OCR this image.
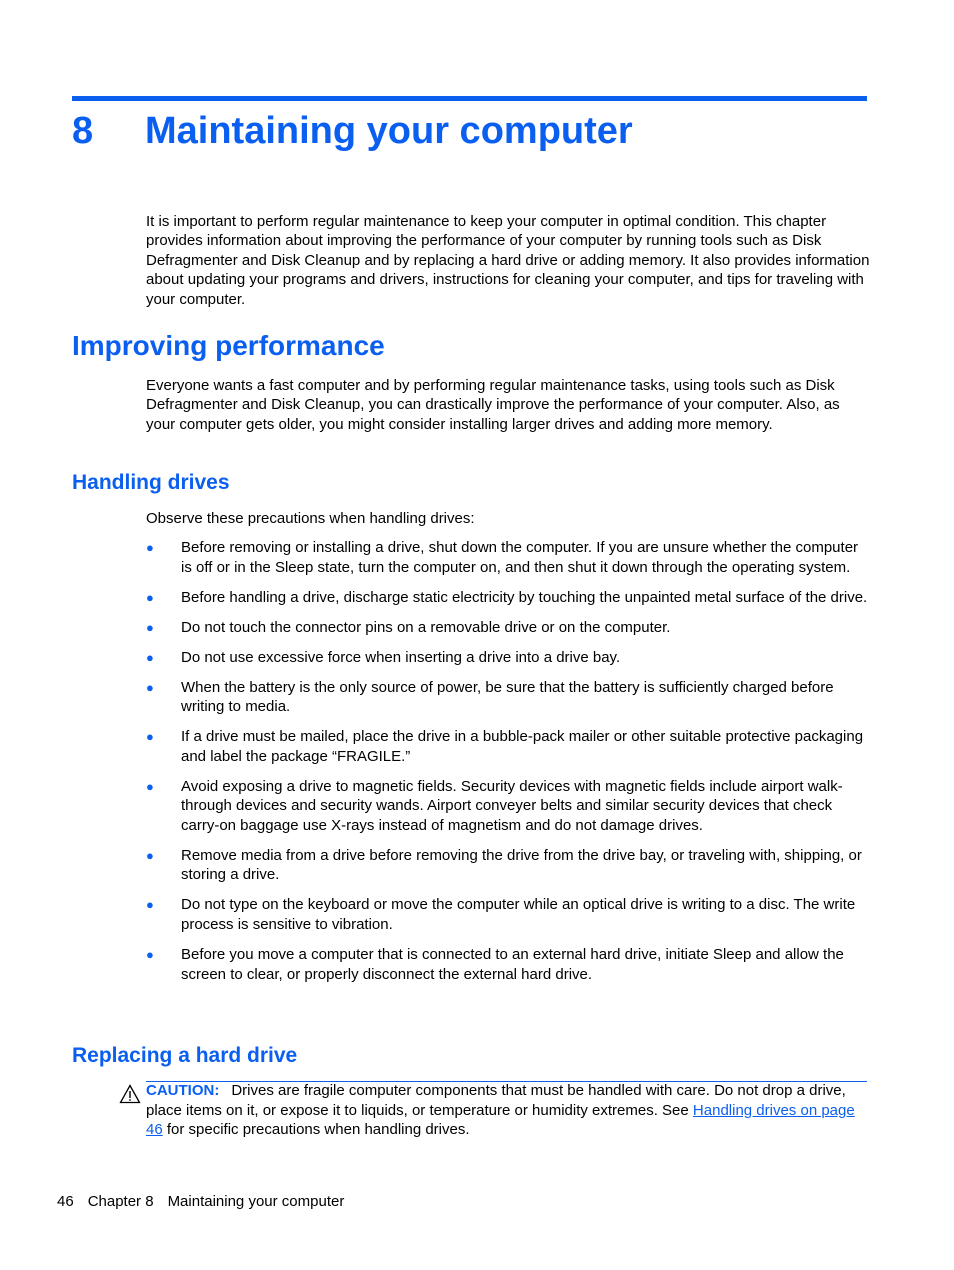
8 Maintaining your computer

It is important to perform regular maintenance to keep your computer in optimal condition. This chapter provides information about improving the performance of your computer by running tools such as Disk Defragmenter and Disk Cleanup and by replacing a hard drive or adding memory. It also provides information about updating your programs and drivers, instructions for cleaning your computer, and tips for traveling with your computer.

Improving performance

Everyone wants a fast computer and by performing regular maintenance tasks, using tools such as Disk Defragmenter and Disk Cleanup, you can drastically improve the performance of your computer. Also, as your computer gets older, you might consider installing larger drives and adding more memory.

Handling drives

Observe these precautions when handling drives:

● Before removing or installing a drive, shut down the computer. If you are unsure whether the computer is off or in the Sleep state, turn the computer on, and then shut it down through the operating system.
● Before handling a drive, discharge static electricity by touching the unpainted metal surface of the drive.
● Do not touch the connector pins on a removable drive or on the computer.
● Do not use excessive force when inserting a drive into a drive bay.
● When the battery is the only source of power, be sure that the battery is sufficiently charged before writing to media.
● If a drive must be mailed, place the drive in a bubble-pack mailer or other suitable protective packaging and label the package “FRAGILE.”
● Avoid exposing a drive to magnetic fields. Security devices with magnetic fields include airport walk-through devices and security wands. Airport conveyer belts and similar security devices that check carry-on baggage use X-rays instead of magnetism and do not damage drives.
● Remove media from a drive before removing the drive from the drive bay, or traveling with, shipping, or storing a drive.
● Do not type on the keyboard or move the computer while an optical drive is writing to a disc. The write process is sensitive to vibration.
● Before you move a computer that is connected to an external hard drive, initiate Sleep and allow the screen to clear, or properly disconnect the external hard drive.
Replacing a hard drive

CAUTION: Drives are fragile computer components that must be handled with care. Do not drop a drive, place items on it, or expose it to liquids, or temperature or humidity extremes. See Handling drives on page 46 for specific precautions when handling drives.

46 Chapter 8 Maintaining your computer
